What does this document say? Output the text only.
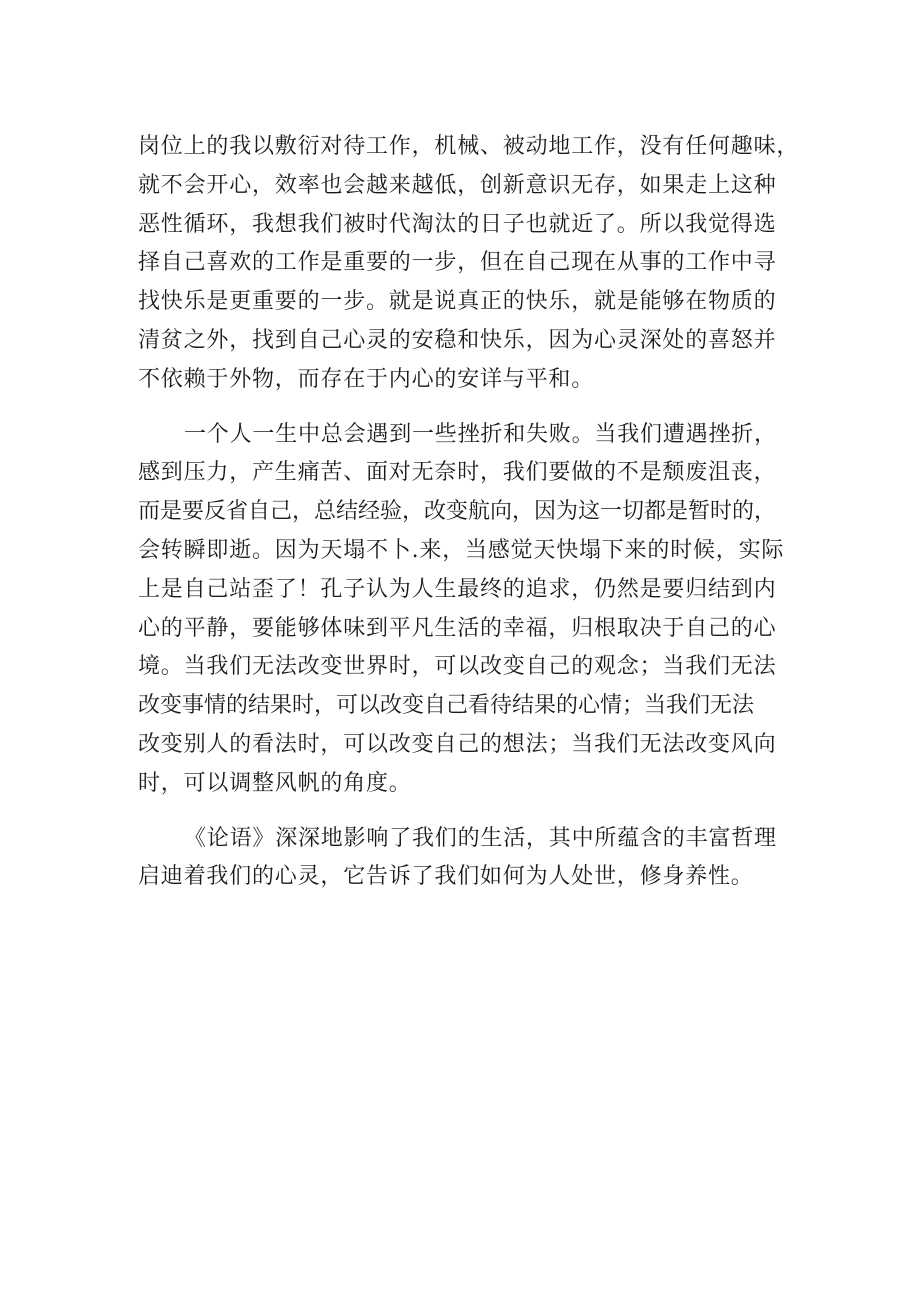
岗位上的我以敷衍对待工作，机械、被动地工作，没有任何趣味，
就不会开心，效率也会越来越低，创新意识无存，如果走上这种
恶性循环，我想我们被时代淘汰的日子也就近了。所以我觉得选
择自己喜欢的工作是重要的一步，但在自己现在从事的工作中寻
找快乐是更重要的一步。就是说真正的快乐，就是能够在物质的
清贫之外，找到自己心灵的安稳和快乐，因为心灵深处的喜怒并
不依赖于外物，而存在于内心的安详与平和。
一个人一生中总会遇到一些挫折和失败。当我们遭遇挫折，
感到压力，产生痛苦、面对无奈时，我们要做的不是颓废沮丧，
而是要反省自己，总结经验，改变航向，因为这一切都是暂时的，
会转瞬即逝。因为天塌不卜.来，当感觉天快塌下来的时候，实际
上是自己站歪了！孔子认为人生最终的追求，仍然是要归结到内
心的平静，要能够体味到平凡生活的幸福，归根取决于自己的心
境。当我们无法改变世界时，可以改变自己的观念；当我们无法
改变事情的结果时，可以改变自己看待结果的心情；当我们无法
改变别人的看法时，可以改变自己的想法；当我们无法改变风向
时，可以调整风帆的角度。
《论语》深深地影响了我们的生活，其中所蕴含的丰富哲理
启迪着我们的心灵，它告诉了我们如何为人处世，修身养性。
